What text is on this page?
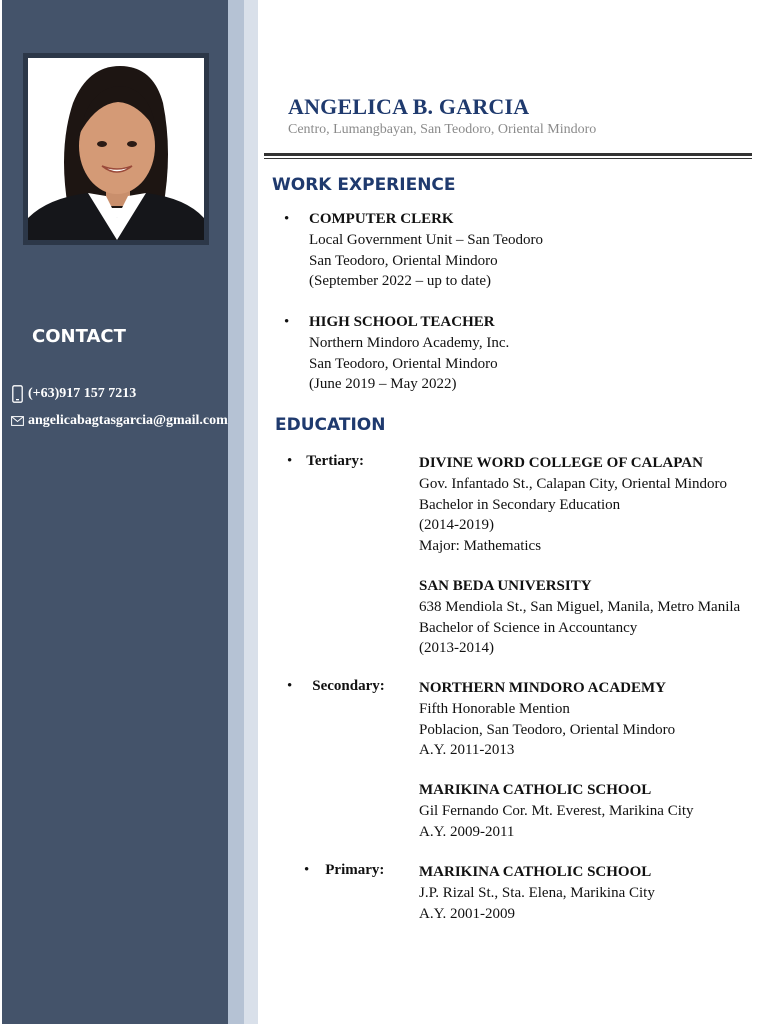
CONTACT
(+63)917 157 7213
angelicabagtasgarcia@gmail.com
ANGELICA B. GARCIA
Centro, Lumangbayan, San Teodoro, Oriental Mindoro
WORK EXPERIENCE
• COMPUTER CLERK
Local Government Unit – San Teodoro
San Teodoro, Oriental Mindoro
(September 2022 – up to date)
• HIGH SCHOOL TEACHER
Northern Mindoro Academy, Inc.
San Teodoro, Oriental Mindoro
(June 2019 – May 2022)
EDUCATION
• Tertiary:	DIVINE WORD COLLEGE OF CALAPAN
Gov. Infantado St., Calapan City, Oriental Mindoro
Bachelor in Secondary Education
(2014-2019)
Major: Mathematics
SAN BEDA UNIVERSITY
638 Mendiola St., San Miguel, Manila, Metro Manila
Bachelor of Science in Accountancy
(2013-2014)
• Secondary: NORTHERN MINDORO ACADEMY
Fifth Honorable Mention
Poblacion, San Teodoro, Oriental Mindoro
A.Y. 2011-2013
MARIKINA CATHOLIC SCHOOL
Gil Fernando Cor. Mt. Everest, Marikina City
A.Y. 2009-2011
• Primary: MARIKINA CATHOLIC SCHOOL
J.P. Rizal St., Sta. Elena, Marikina City
A.Y. 2001-2009
